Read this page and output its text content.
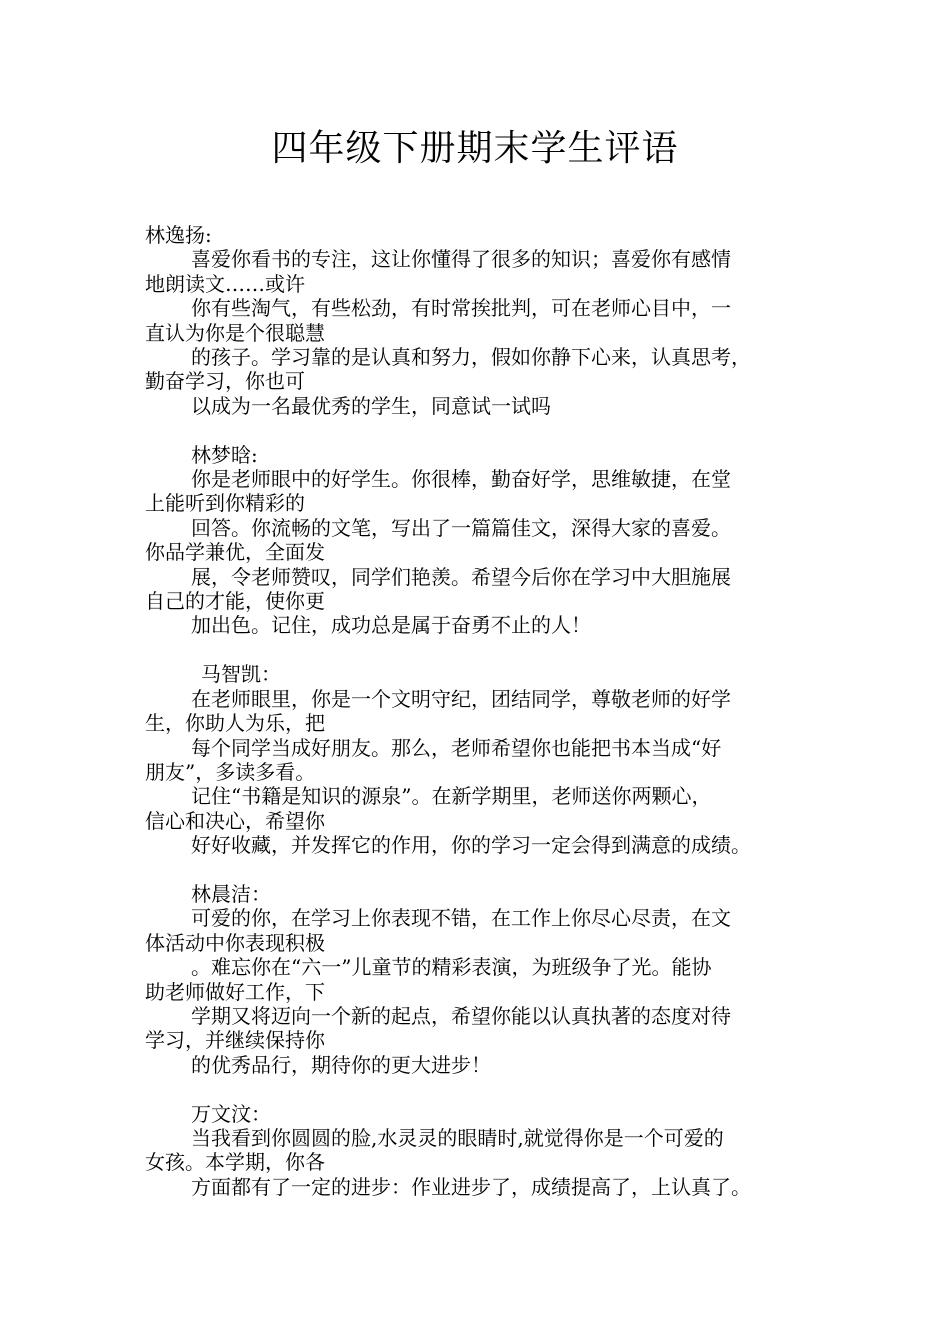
四年级下册期末学生评语
林逸扬:
喜爱你看书的专注，这让你懂得了很多的知识；喜爱你有感情
地朗读文……或许
你有些淘气，有些松劲，有时常挨批判，可在老师心目中，一
直认为你是个很聪慧
的孩子。学习靠的是认真和努力，假如你静下心来，认真思考，
勤奋学习，你也可
以成为一名最优秀的学生，同意试一试吗
林梦晗:
你是老师眼中的好学生。你很棒，勤奋好学，思维敏捷，在堂
上能听到你精彩的
回答。你流畅的文笔，写出了一篇篇佳文，深得大家的喜爱。
你品学兼优，全面发
展，令老师赞叹，同学们艳羡。希望今后你在学习中大胆施展
自己的才能，使你更
加出色。记住，成功总是属于奋勇不止的人！
马智凯：
在老师眼里，你是一个文明守纪，团结同学，尊敬老师的好学
生，你助人为乐，把
每个同学当成好朋友。那么，老师希望你也能把书本当成“好
朋友”，多读多看。
记住“书籍是知识的源泉”。在新学期里，老师送你两颗心，
信心和决心，希望你
好好收藏，并发挥它的作用，你的学习一定会得到满意的成绩。
林晨洁：
可爱的你，在学习上你表现不错，在工作上你尽心尽责，在文
体活动中你表现积极
。难忘你在“六一”儿童节的精彩表演，为班级争了光。能协
助老师做好工作，下
学期又将迈向一个新的起点，希望你能以认真执著的态度对待
学习，并继续保持你
的优秀品行，期待你的更大进步！
万文汶：
当我看到你圆圆的脸,水灵灵的眼睛时,就觉得你是一个可爱的
女孩。本学期，你各
方面都有了一定的进步：作业进步了，成绩提高了，上认真了。
